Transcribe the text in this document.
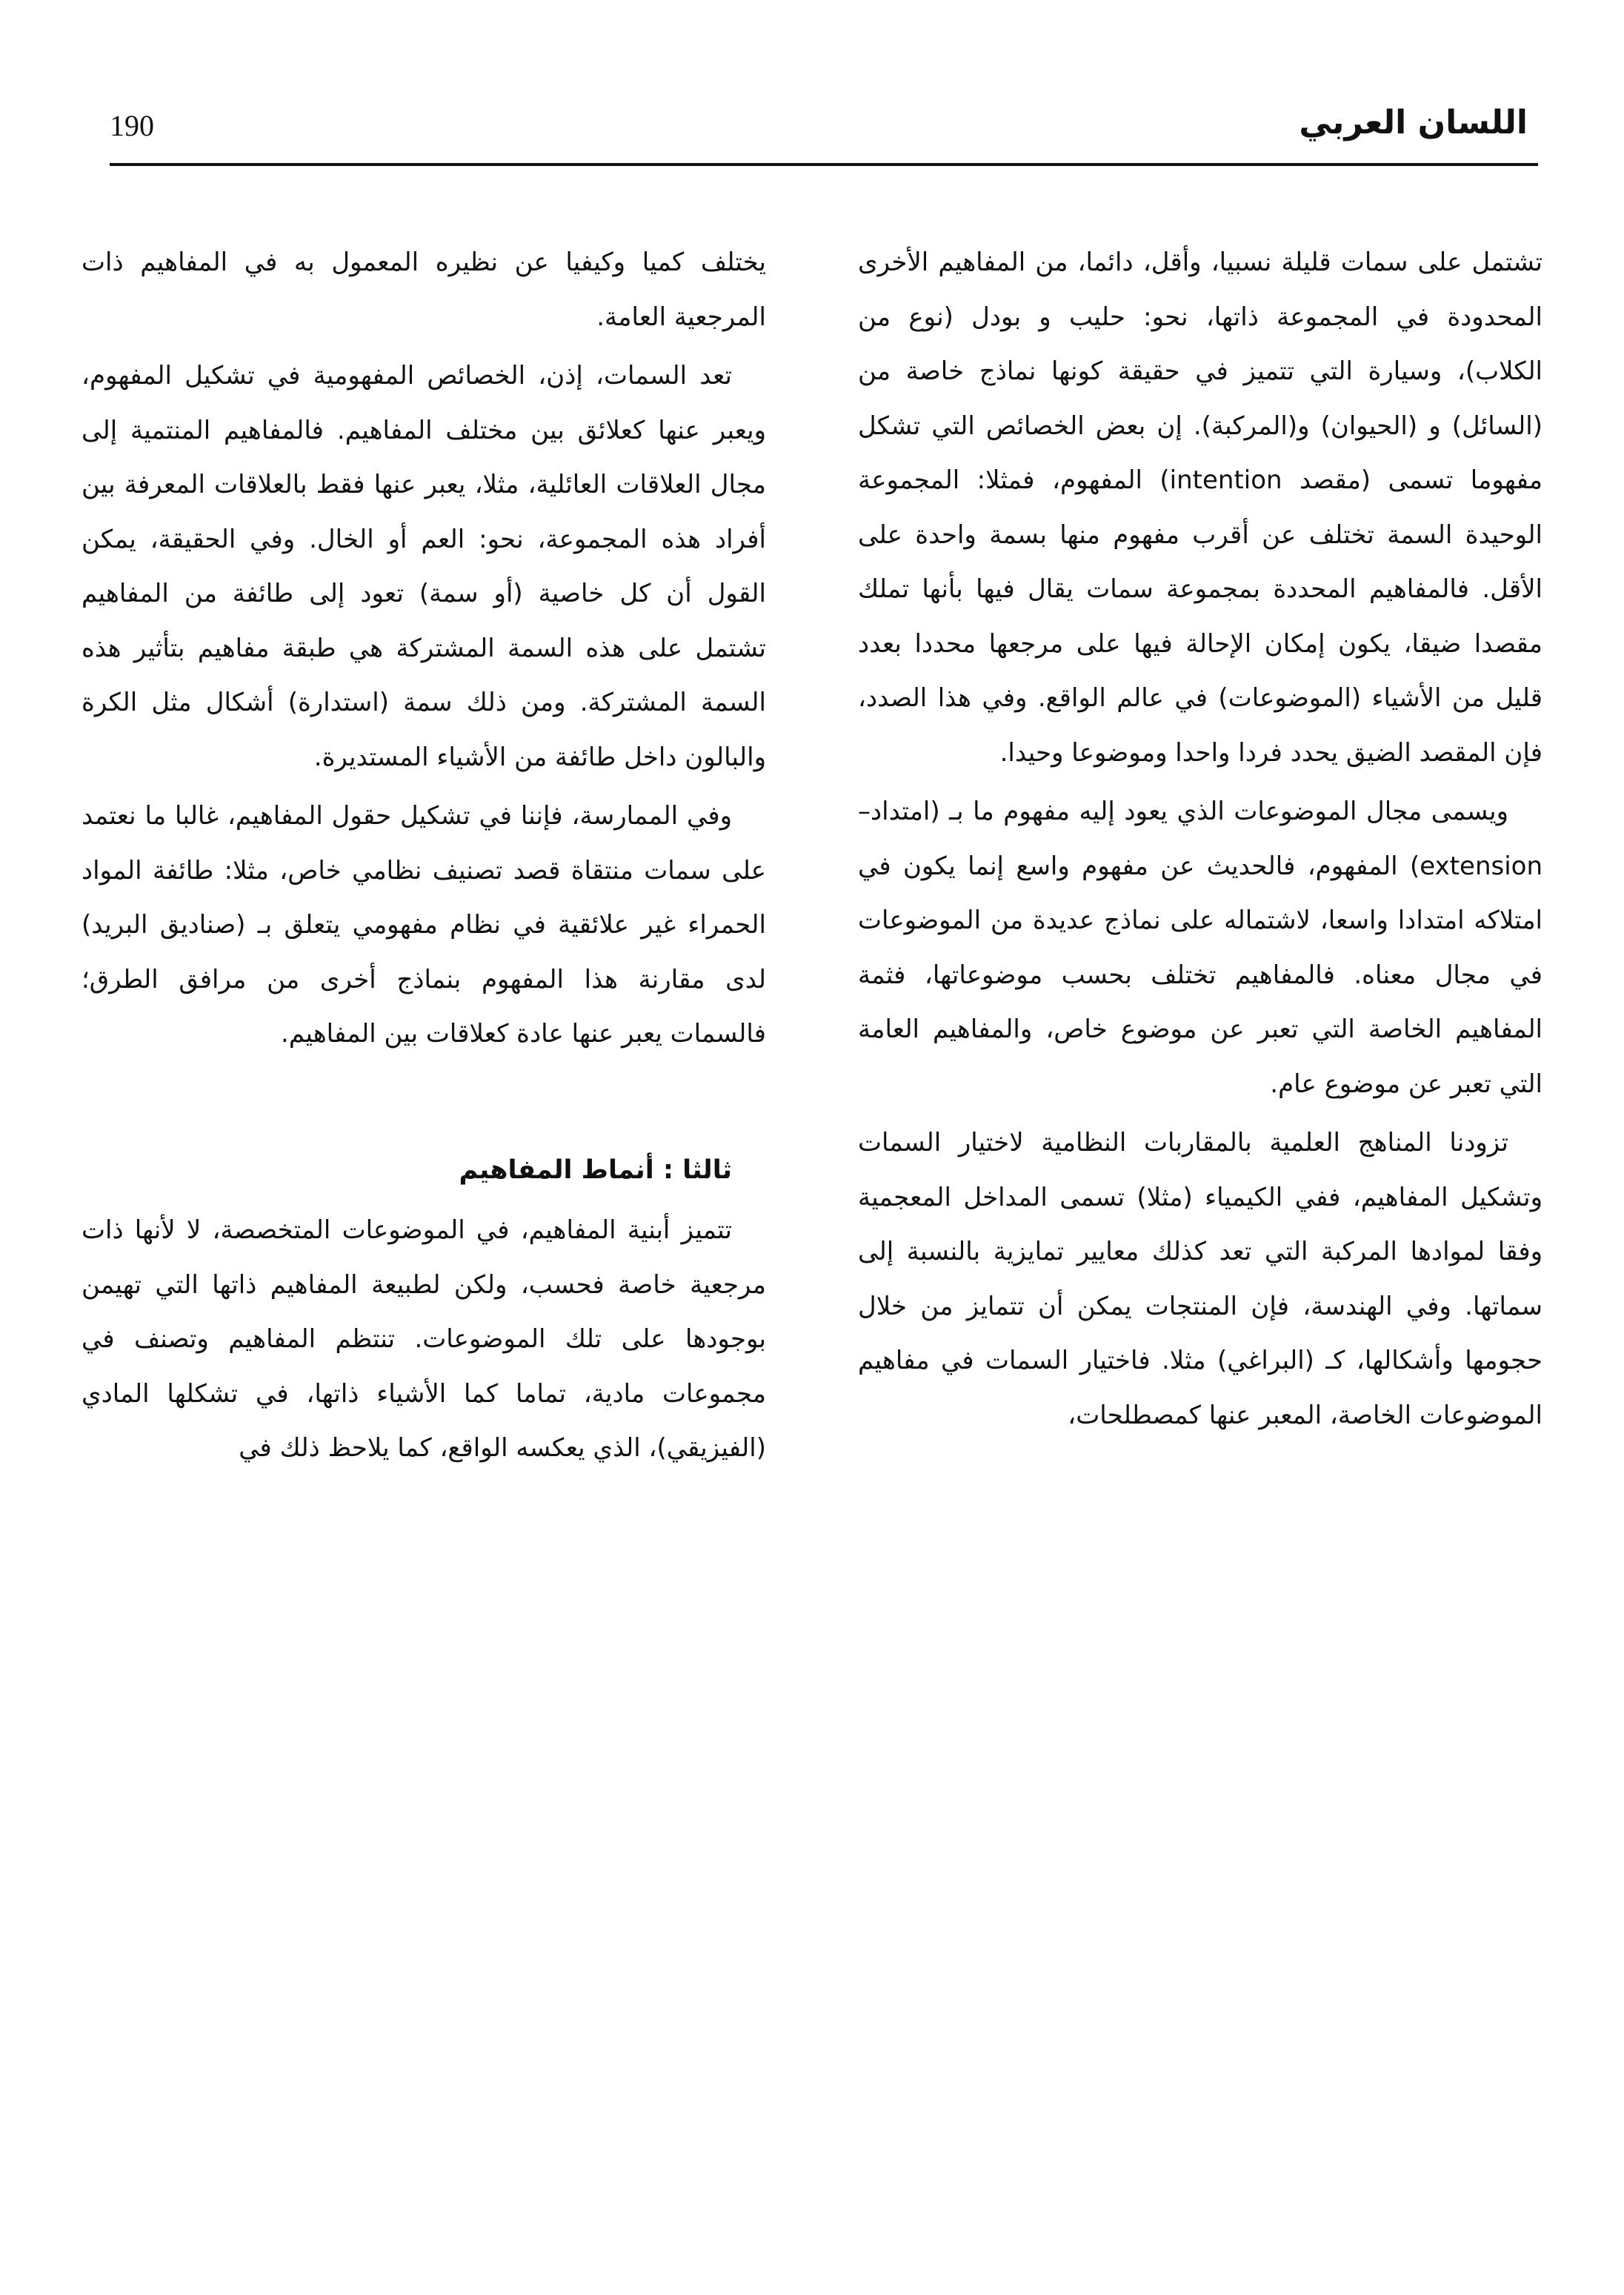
190	اللسان العربي

تشتمل على سمات قليلة نسبيا، وأقل، دائما، من المفاهيم الأخرى المحدودة في المجموعة ذاتها، نحو: حليب و بودل (نوع من الكلاب)، وسيارة التي تتميز في حقيقة كونها نماذج خاصة من (السائل) و (الحيوان) و(المركبة). إن بعض الخصائص التي تشكل مفهوما تسمى (مقصد intention) المفهوم، فمثلا: المجموعة الوحيدة السمة تختلف عن أقرب مفهوم منها بسمة واحدة على الأقل. فالمفاهيم المحددة بمجموعة سمات يقال فيها بأنها تملك مقصدا ضيقا، يكون إمكان الإحالة فيها على مرجعها محددا بعدد قليل من الأشياء (الموضوعات) في عالم الواقع. وفي هذا الصدد، فإن المقصد الضيق يحدد فردا واحدا وموضوعا وحيدا.

ويسمى مجال الموضوعات الذي يعود إليه مفهوم ما بـ (امتداد–extension) المفهوم، فالحديث عن مفهوم واسع إنما يكون في امتلاكه امتدادا واسعا، لاشتماله على نماذج عديدة من الموضوعات في مجال معناه. فالمفاهيم تختلف بحسب موضوعاتها، فثمة المفاهيم الخاصة التي تعبر عن موضوع خاص، والمفاهيم العامة التي تعبر عن موضوع عام.

تزودنا المناهج العلمية بالمقاربات النظامية لاختيار السمات وتشكيل المفاهيم، ففي الكيمياء (مثلا) تسمى المداخل المعجمية وفقا لموادها المركبة التي تعد كذلك معايير تمايزية بالنسبة إلى سماتها. وفي الهندسة، فإن المنتجات يمكن أن تتمايز من خلال حجومها وأشكالها، كـ (البراغي) مثلا. فاختيار السمات في مفاهيم الموضوعات الخاصة، المعبر عنها كمصطلحات،

يختلف كميا وكيفيا عن نظيره المعمول به في المفاهيم ذات المرجعية العامة.

تعد السمات، إذن، الخصائص المفهومية في تشكيل المفهوم، ويعبر عنها كعلائق بين مختلف المفاهيم. فالمفاهيم المنتمية إلى مجال العلاقات العائلية، مثلا، يعبر عنها فقط بالعلاقات المعرفة بين أفراد هذه المجموعة، نحو: العم أو الخال. وفي الحقيقة، يمكن القول أن كل خاصية (أو سمة) تعود إلى طائفة من المفاهيم تشتمل على هذه السمة المشتركة هي طبقة مفاهيم بتأثير هذه السمة المشتركة. ومن ذلك سمة (استدارة) أشكال مثل الكرة والبالون داخل طائفة من الأشياء المستديرة.

وفي الممارسة، فإننا في تشكيل حقول المفاهيم، غالبا ما نعتمد على سمات منتقاة قصد تصنيف نظامي خاص، مثلا: طائفة المواد الحمراء غير علائقية في نظام مفهومي يتعلق بـ (صناديق البريد) لدى مقارنة هذا المفهوم بنماذج أخرى من مرافق الطرق؛ فالسمات يعبر عنها عادة كعلاقات بين المفاهيم.

ثالثا : أنماط المفاهيم

تتميز أبنية المفاهيم، في الموضوعات المتخصصة، لا لأنها ذات مرجعية خاصة فحسب، ولكن لطبيعة المفاهيم ذاتها التي تهيمن بوجودها على تلك الموضوعات. تنتظم المفاهيم وتصنف في مجموعات مادية، تماما كما الأشياء ذاتها، في تشكلها المادي (الفيزيقي)، الذي يعكسه الواقع، كما يلاحظ ذلك في
